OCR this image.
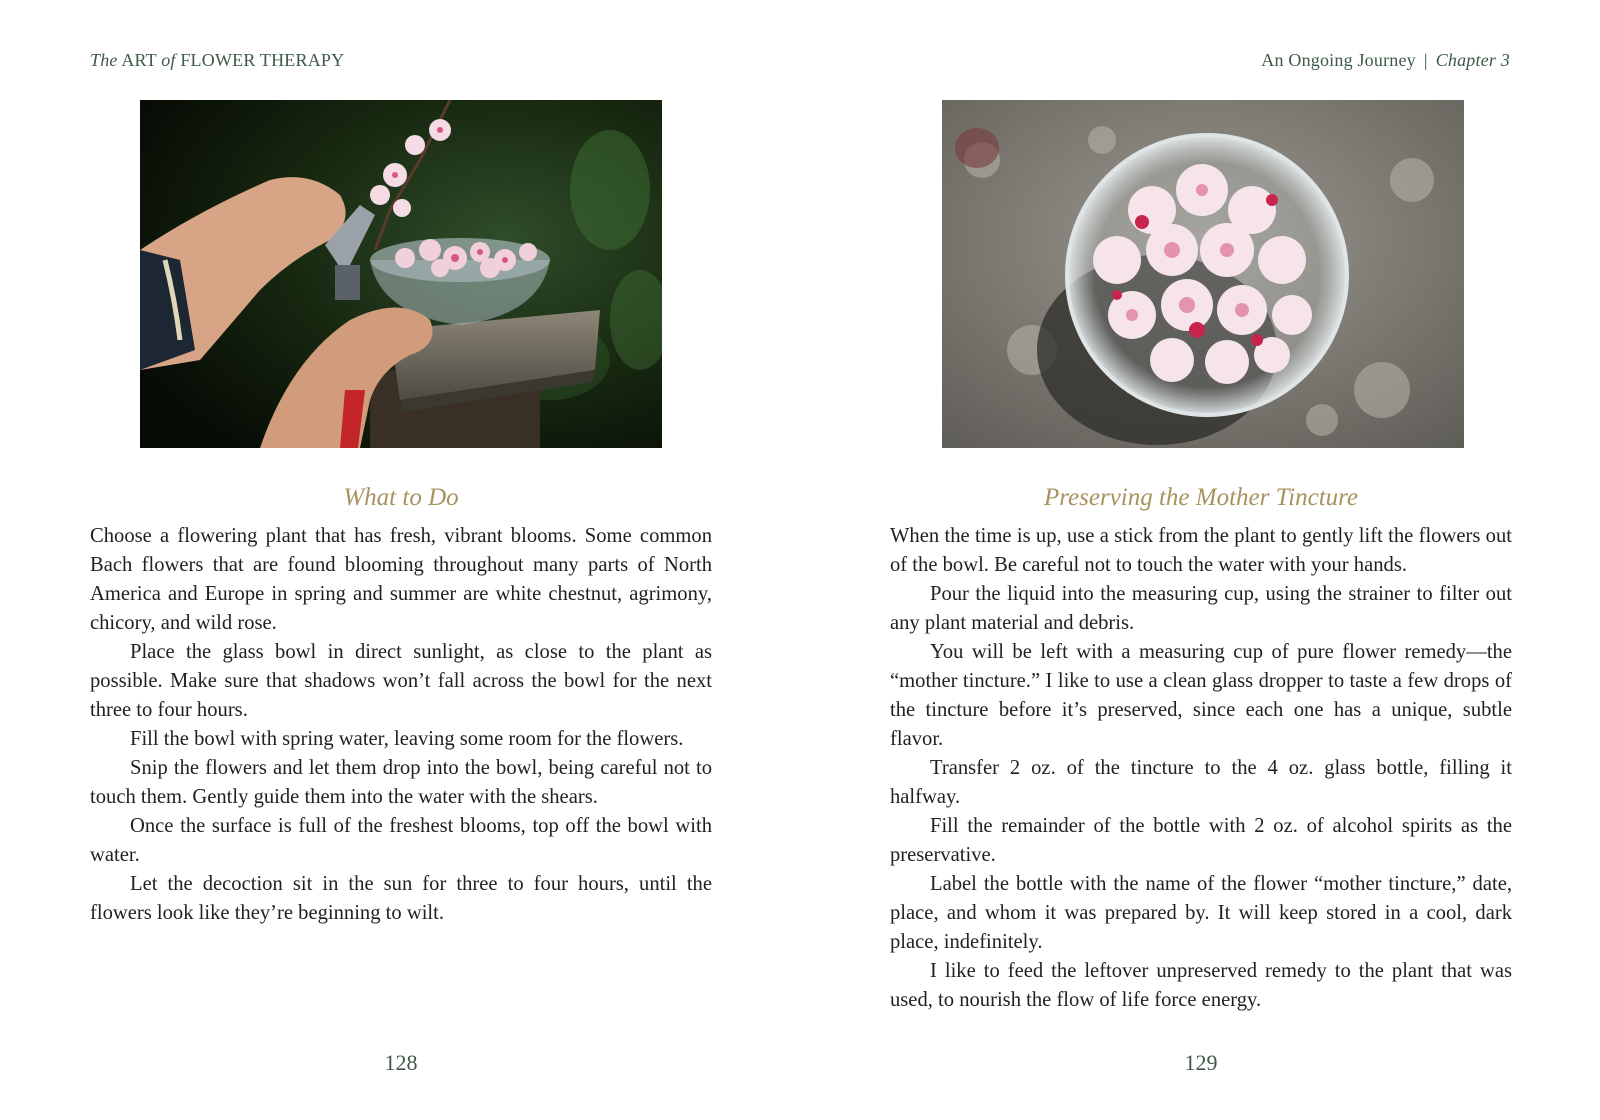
The ART of FLOWER THERAPY
What to Do

Choose a flowering plant that has fresh, vibrant blooms. Some common Bach flowers that are found blooming throughout many parts of North America and Europe in spring and summer are white chestnut, agrimony, chicory, and wild rose.

Place the glass bowl in direct sunlight, as close to the plant as possible. Make sure that shadows won’t fall across the bowl for the next three to four hours.

Fill the bowl with spring water, leaving some room for the flowers.

Snip the flowers and let them drop into the bowl, being careful not to touch them. Gently guide them into the water with the shears.

Once the surface is full of the freshest blooms, top off the bowl with water.

Let the decoction sit in the sun for three to four hours, until the flowers look like they’re beginning to wilt.

128
An Ongoing Journey | Chapter 3
Preserving the Mother Tincture

When the time is up, use a stick from the plant to gently lift the flowers out of the bowl. Be careful not to touch the water with your hands.

Pour the liquid into the measuring cup, using the strainer to filter out any plant material and debris.

You will be left with a measuring cup of pure flower remedy—the “mother tincture.” I like to use a clean glass dropper to taste a few drops of the tincture before it’s preserved, since each one has a unique, subtle flavor.

Transfer 2 oz. of the tincture to the 4 oz. glass bottle, filling it halfway.

Fill the remainder of the bottle with 2 oz. of alcohol spirits as the preservative.

Label the bottle with the name of the flower “mother tincture,” date, place, and whom it was prepared by. It will keep stored in a cool, dark place, indefinitely.

I like to feed the leftover unpreserved remedy to the plant that was used, to nourish the flow of life force energy.

129
